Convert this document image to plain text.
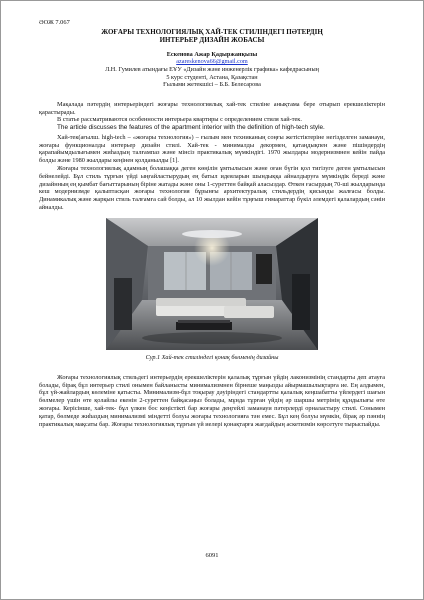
ӘОЖ 7.067
ЖОҒАРЫ ТЕХНОЛОГИЯЛЫҚ ХАЙ-ТЕК СТИЛІНДЕГІ ПӘТЕРДІҢ
ИНТЕРЬЕР ДИЗАЙН ЖОБАСЫ
Ескенова Ажар Қадыржанқызы
azareskenova66@gmail.com
Л.Н. Гумилев атындағы ЕҰУ «Дизайн және инженерлік графика» кафедрасының
5 курс студенті, Астана, Қазақстан
Ғылыми жетекшісі – Б.Б. Белесарова

Мақалада пәтердің интерьеріндегі жоғары технологиялық хай-тек стиліне анықтама бере отырып ерекшеліктерін қарастырады.

В статье рассматриваются особенности интерьера квартиры с определением стиля хай-тек.

The article discusses the features of the apartment interior with the definition of high-tech style.

Хай-тек(ағылш. high-tech – «жоғары технология») – ғылым мен техниканың соңғы жетістіктеріне негізделген заманауи, жоғары функционалды интерьер дизайн стилі. Хай-тек - минималды декормен, қатаңдықпен және пішіндердің қарапайымдылығымен жиһаздың талғампаз және мінсіз практикалық мүмкіндігі. 1970 жылдары модернизмнен кейін пайда болды және 1980 жылдары кеңінен қолданылды [1].

Жоғары технологиялық адамның болашаққа деген көңілін ұмтылысын және оған бүгін қол тигізуге деген ұмтылысын бейнелейді. Бұл стиль тұрғын үйді ыңғайластырудың ең батыл идеяларын шындыққа айналдыруға мүмкіндік береді және дизайнның ең қымбат бағыттарының біріне жатады және оны 1-суреттен байқай аласыздар. Өткен ғасырдың 70-ші жылдарында кеш модернизмде қалыптасқан жоғары технология бұрынғы архитектуралық стильдердің қисынды жалғасы болды. Динамикалық және жарқын стиль талғамға сай болды, ал 10 жылдан кейін тұңғыш ғимараттар бүкіл әлемдегі қалалардың сәнін айналды.

Сур.1 Хай-тек стиліндегі қонақ бөлменің дизайны

Жоғары технологиялық стильдегі интерьердің ерекшеліктерін қалалық тұрғын үйдің лаконизмінің стандарты деп атауға болады, бірақ бұл интерьер стилі онымен байланысты минимализмнен бірнеше маңызды айырмашылықтарға ие. Ең алдымен, бұл үй-жайлардың көлеміне қатысты. Минимализм-бұл тоқырау дәуіріндегі стандартты қалалық кеңшабатты үйлердегі шағын бөлмелер үшін өте қолайлы екенін 2-суреттен байқасаңыз болады, мұнда тұрған үйдің әр шаршы метрінің құндылығы өте жоғары. Керісінше, хай-тек- бұл үлкен бос кеңістікті бар жоғары деңгейлі заманауи пәтерлерді орналастыру стилі. Сонымен қатар, бөлмеде жиһаздың минимализмі міндетті болуы жоғары технологияға тән емес. Бұл кең болуы мүмкін, бірақ әр пәннің практикалық мақсаты бар. Жоғары технологиялық тұрғын үй иелері қонақтарға жағдайдың аскетизмін көрсетуге тырыспайды.

6091
